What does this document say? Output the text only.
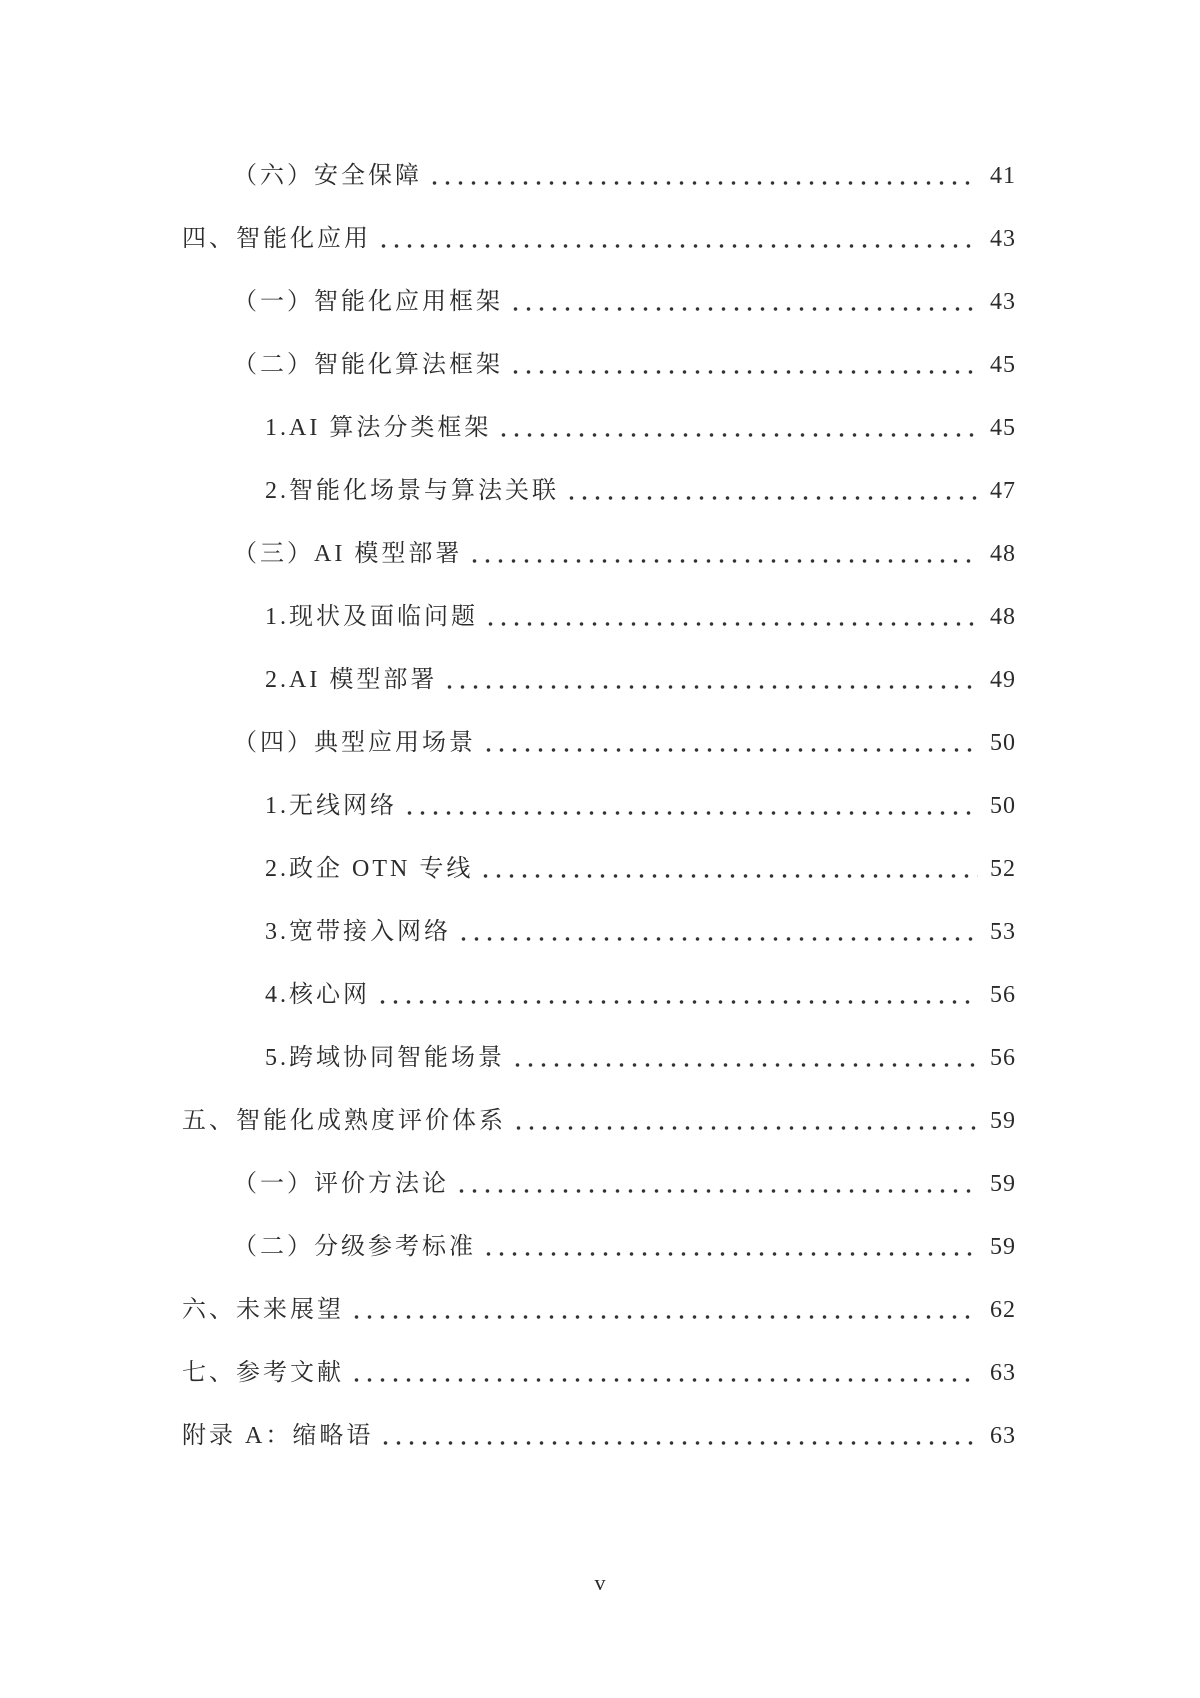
（六）安全保障	41
四、智能化应用	43
（一）智能化应用框架	43
（二）智能化算法框架	45
1.AI 算法分类框架	45
2.智能化场景与算法关联	47
（三）AI 模型部署	48
1.现状及面临问题	48
2.AI 模型部署	49
（四）典型应用场景	50
1.无线网络	50
2.政企 OTN 专线	52
3.宽带接入网络	53
4.核心网	56
5.跨域协同智能场景	56
五、智能化成熟度评价体系	59
（一）评价方法论	59
（二）分级参考标准	59
六、未来展望	62
七、参考文献	63
附录 A：缩略语	63
v
